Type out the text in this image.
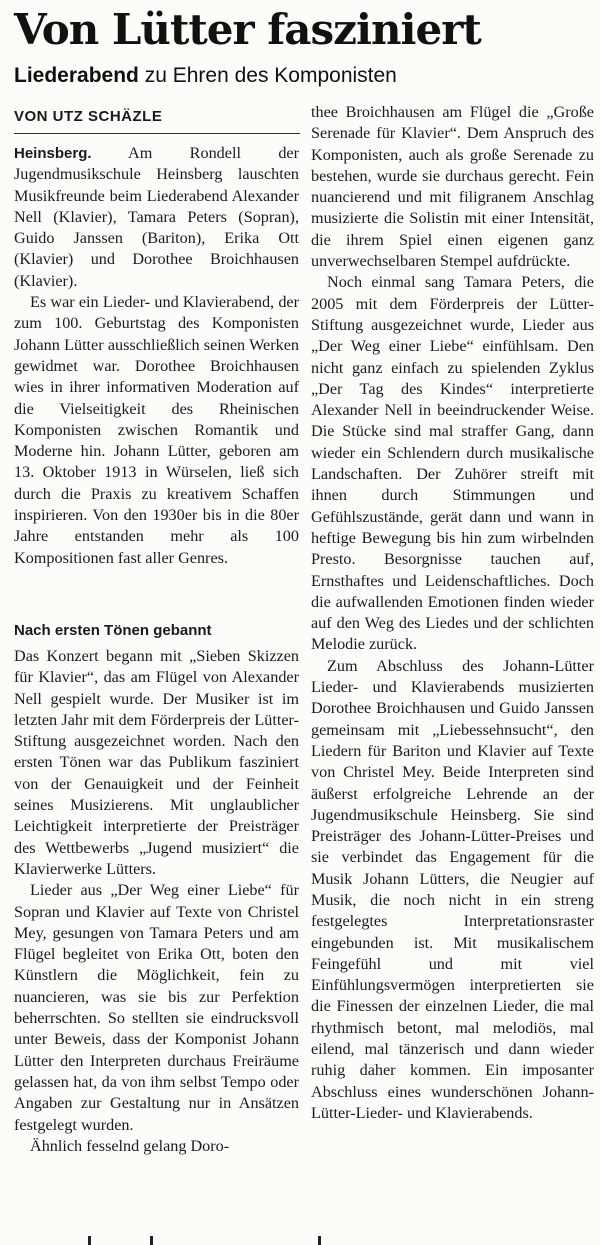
Von Lütter fasziniert
Liederabend zu Ehren des Komponisten
VON UTZ SCHÄZLE

Heinsberg. Am Rondell der Jugendmusikschule Heinsberg lauschten Musikfreunde beim Liederabend Alexander Nell (Klavier), Tamara Peters (Sopran), Guido Janssen (Bariton), Erika Ott (Klavier) und Dorothee Broichhausen (Klavier).

Es war ein Lieder- und Klavierabend, der zum 100. Geburtstag des Komponisten Johann Lütter ausschließlich seinen Werken gewidmet war. Dorothee Broichhausen wies in ihrer informativen Moderation auf die Vielseitigkeit des Rheinischen Komponisten zwischen Romantik und Moderne hin. Johann Lütter, geboren am 13. Oktober 1913 in Würselen, ließ sich durch die Praxis zu kreativem Schaffen inspirieren. Von den 1930er bis in die 80er Jahre entstanden mehr als 100 Kompositionen fast aller Genres.

Nach ersten Tönen gebannt

Das Konzert begann mit „Sieben Skizzen für Klavier“, das am Flügel von Alexander Nell gespielt wurde. Der Musiker ist im letzten Jahr mit dem Förderpreis der Lütter-Stiftung ausgezeichnet worden. Nach den ersten Tönen war das Publikum fasziniert von der Genauigkeit und der Feinheit seines Musizierens. Mit unglaublicher Leichtigkeit interpretierte der Preisträger des Wettbewerbs „Jugend musiziert“ die Klavierwerke Lütters.

Lieder aus „Der Weg einer Liebe“ für Sopran und Klavier auf Texte von Christel Mey, gesungen von Tamara Peters und am Flügel begleitet von Erika Ott, boten den Künstlern die Möglichkeit, fein zu nuancieren, was sie bis zur Perfektion beherrschten. So stellten sie eindrucksvoll unter Beweis, dass der Komponist Johann Lütter den Interpreten durchaus Freiräume gelassen hat, da von ihm selbst Tempo oder Angaben zur Gestaltung nur in Ansätzen festgelegt wurden.

Ähnlich fesselnd gelang Doro-

thee Broichhausen am Flügel die „Große Serenade für Klavier“. Dem Anspruch des Komponisten, auch als große Serenade zu bestehen, wurde sie durchaus gerecht. Fein nuancierend und mit filigranem Anschlag musizierte die Solistin mit einer Intensität, die ihrem Spiel einen eigenen ganz unverwechselbaren Stempel aufdrückte.

Noch einmal sang Tamara Peters, die 2005 mit dem Förderpreis der Lütter-Stiftung ausgezeichnet wurde, Lieder aus „Der Weg einer Liebe“ einfühlsam. Den nicht ganz einfach zu spielenden Zyklus „Der Tag des Kindes“ interpretierte Alexander Nell in beeindruckender Weise. Die Stücke sind mal straffer Gang, dann wieder ein Schlendern durch musikalische Landschaften. Der Zuhörer streift mit ihnen durch Stimmungen und Gefühlszustände, gerät dann und wann in heftige Bewegung bis hin zum wirbelnden Presto. Besorgnisse tauchen auf, Ernsthaftes und Leidenschaftliches. Doch die aufwallenden Emotionen finden wieder auf den Weg des Liedes und der schlichten Melodie zurück.

Zum Abschluss des Johann-Lütter Lieder- und Klavierabends musizierten Dorothee Broichhausen und Guido Janssen gemeinsam mit „Liebessehnsucht“, den Liedern für Bariton und Klavier auf Texte von Christel Mey. Beide Interpreten sind äußerst erfolgreiche Lehrende an der Jugendmusikschule Heinsberg. Sie sind Preisträger des Johann-Lütter-Preises und sie verbindet das Engagement für die Musik Johann Lütters, die Neugier auf Musik, die noch nicht in ein streng festgelegtes Interpretationsraster eingebunden ist. Mit musikalischem Feingefühl und mit viel Einfühlungsvermögen interpretierten sie die Finessen der einzelnen Lieder, die mal rhythmisch betont, mal melodiös, mal eilend, mal tänzerisch und dann wieder ruhig daher kommen. Ein imposanter Abschluss eines wunderschönen Johann-Lütter-Lieder- und Klavierabends.
